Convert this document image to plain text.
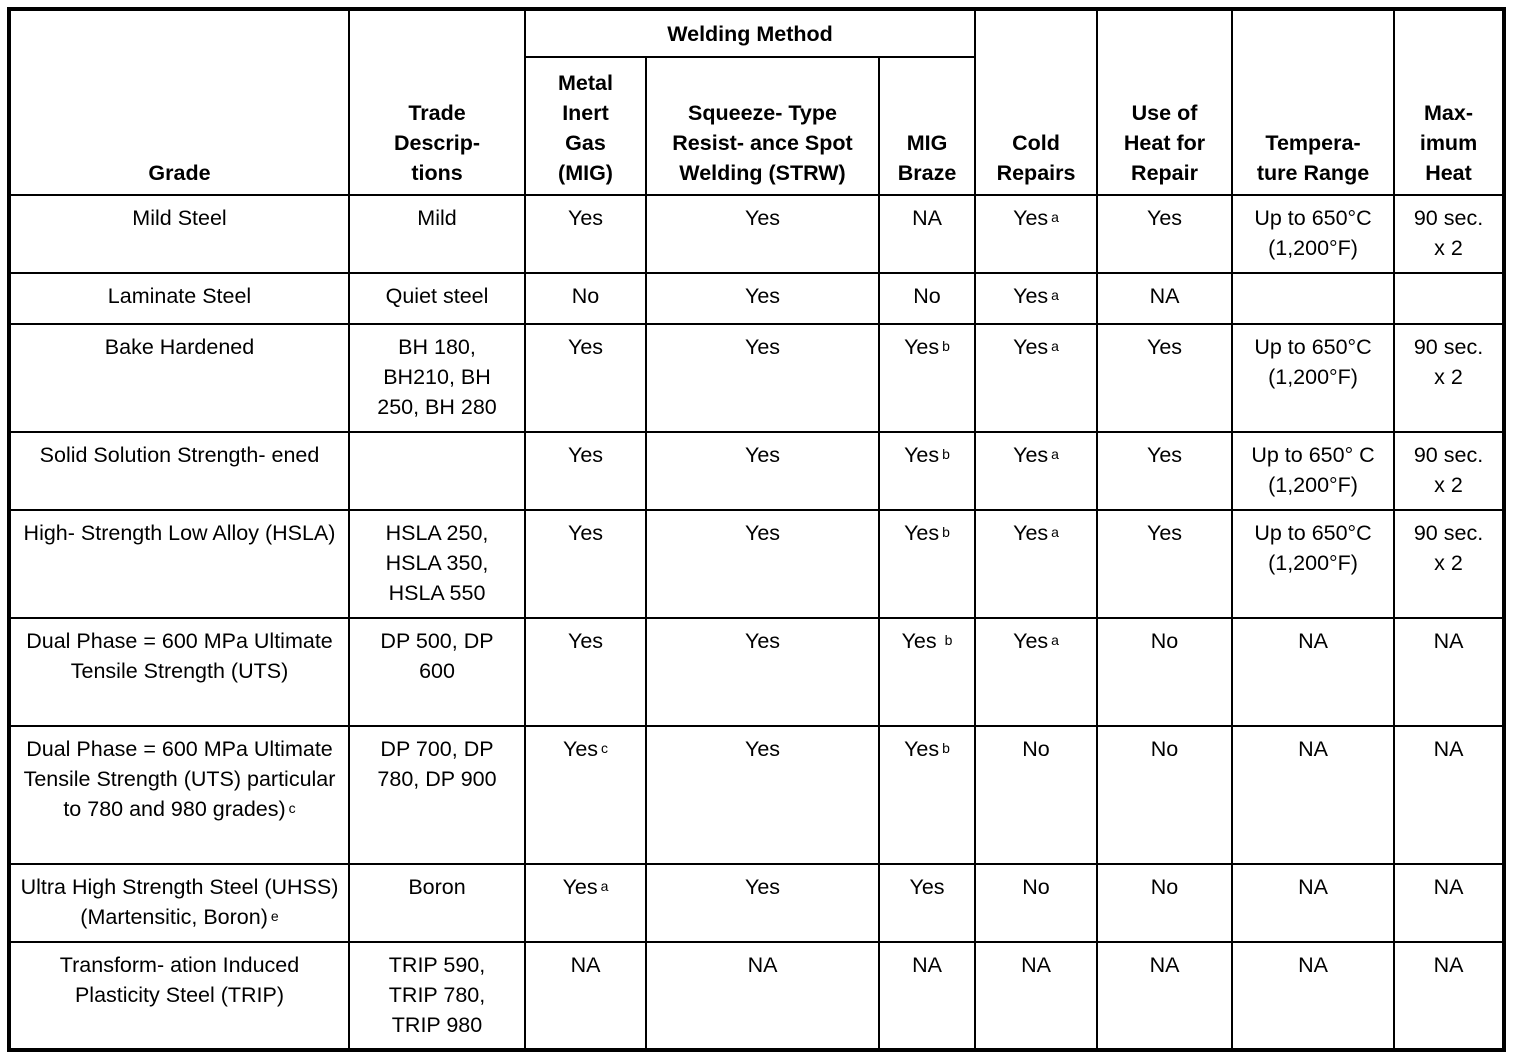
Grade	Trade Descrip- tions	Welding Method			Cold Repairs	Use of Heat for Repair	Tempera- ture Range	Max- imum Heat

		Metal Inert Gas (MIG)	Squeeze- Type Resist- ance Spot Welding (STRW)	MIG Braze				

Mild Steel	Mild	Yes	Yes	NA	Yes $^a$	Yes	Up to 650°C (1,200°F)	90 sec. x 2

Laminate Steel	Quiet steel	No	Yes	No	Yes $^a$	NA		

Bake Hardened	BH 180, BH210, BH 250, BH 280	Yes	Yes	Yes $^b$	Yes $^a$	Yes	Up to 650°C (1,200°F)	90 sec. x 2

Solid Solution Strength- ened		Yes	Yes	Yes $^b$	Yes $^a$	Yes	Up to 650° C (1,200°F)	90 sec. x 2

High- Strength Low Alloy (HSLA)	HSLA 250, HSLA 350, HSLA 550	Yes	Yes	Yes $^b$	Yes $^a$	Yes	Up to 650°C (1,200°F)	90 sec. x 2

Dual Phase = 600 MPa Ultimate Tensile Strength (UTS)	DP 500, DP 600	Yes	Yes	Yes $^b$	Yes $^a$	No	NA	NA

Dual Phase = 600 MPa Ultimate Tensile Strength (UTS) particular to 780 and 980 grades) $^c$	DP 700, DP 780, DP 900	Yes $^c$	Yes	Yes $^b$	No	No	NA	NA

Ultra High Strength Steel (UHSS) (Martensitic, Boron) $^e$	Boron	Yes $^a$	Yes	Yes	No	No	NA	NA

Transform- ation Induced Plasticity Steel (TRIP)	TRIP 590, TRIP 780, TRIP 980	NA	NA	NA	NA	NA	NA	NA
